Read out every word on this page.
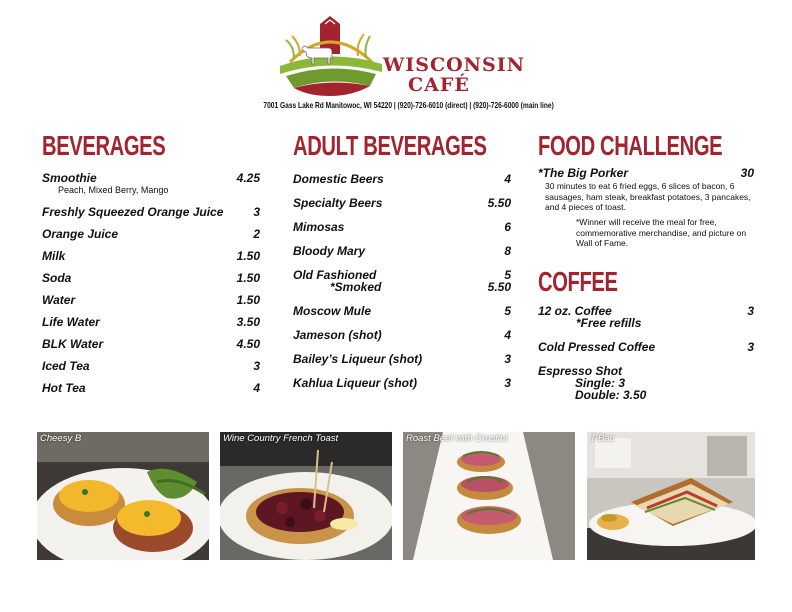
WISCONSIN
CAFÉ
7001 Gass Lake Rd Manitowoc, WI 54220 | (920)-726-6010 (direct) | (920)-726-6000 (main line)
BEVERAGES
Smoothie	4.25
Peach, Mixed Berry, Mango
Freshly Squeezed Orange Juice 3
Orange Juice	2
Milk	1.50
Soda	1.50
Water	1.50
Life Water	3.50
BLK Water	4.50
Iced Tea	3
Hot Tea	4
ADULT BEVERAGES
Domestic Beers	4
Specialty Beers	5.50
Mimosas	6
Bloody Mary	8
Old Fashioned	5
*Smoked	5.50
Moscow Mule	5
Jameson (shot)	4
Bailey’s Liqueur (shot)	3
Kahlua Liqueur (shot)	3
FOOD CHALLENGE
*The Big Porker	30
30 minutes to eat 6 fried eggs, 6 slices of bacon, 6 sausages, ham steak, breakfast potatoes, 3 pancakes, and 4 pieces of toast.
*Winner will receive the meal for free, commemorative merchandise, and picture on Wall of Fame.
COFFEE
12 oz. Coffee	3
*Free refills
Cold Pressed Coffee	3
Espresso Shot
Single: 3
Double: 3.50
Cheesy B	Wine Country French Toast	Roast Beef with Crostini	T-Bac
